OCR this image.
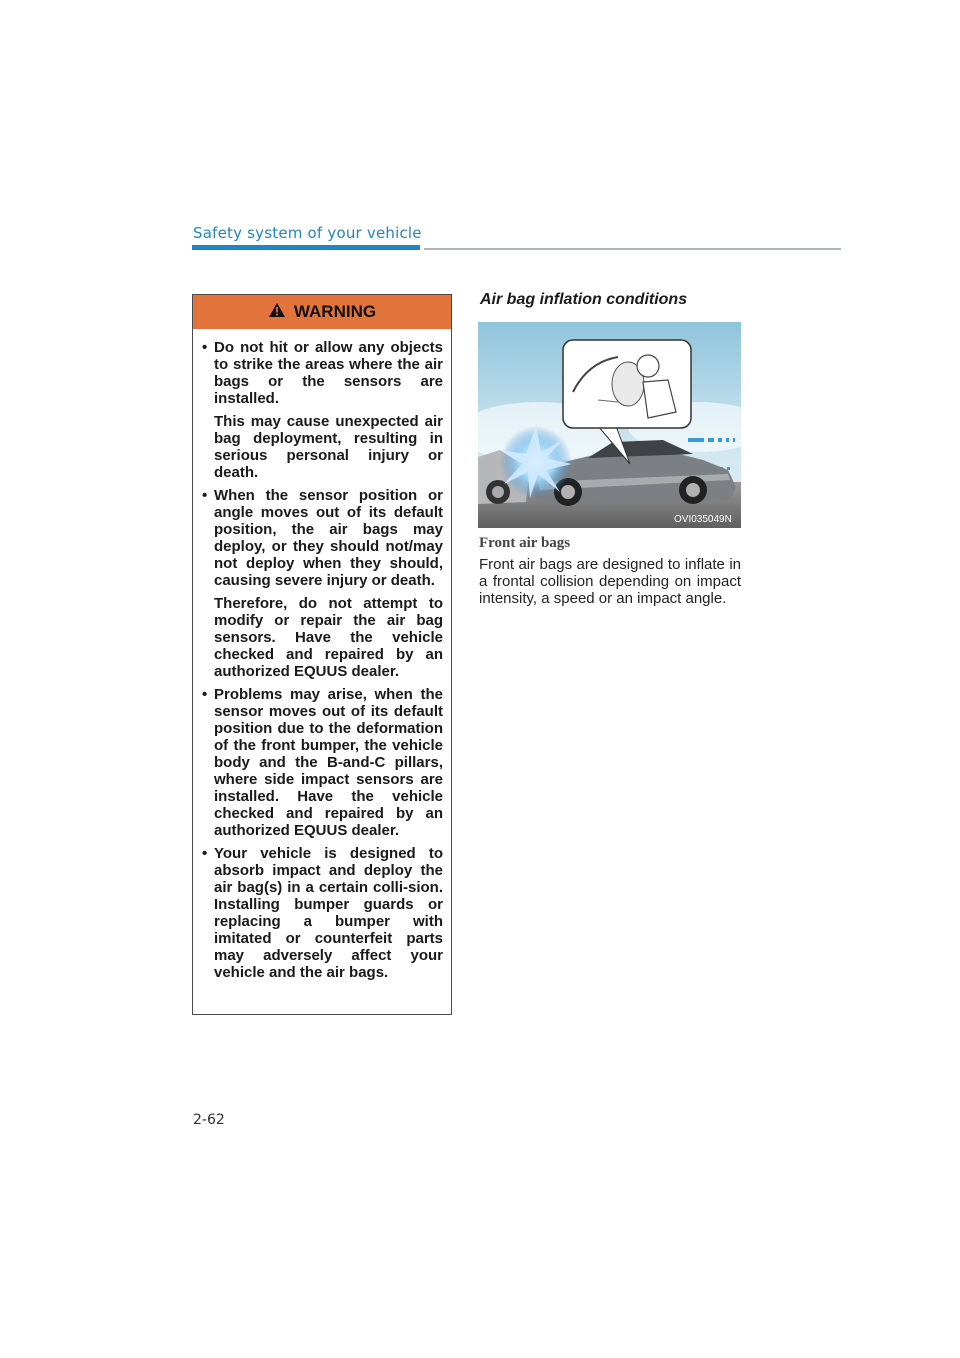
Safety system of your vehicle
WARNING
• Do not hit or allow any objects to strike the areas where the air bags or the sensors are installed.

This may cause unexpected air bag deployment, resulting in serious personal injury or death.

• When the sensor position or angle moves out of its default position, the air bags may deploy, or they should not/may not deploy when they should, causing severe injury or death.

Therefore, do not attempt to modify or repair the air bag sensors. Have the vehicle checked and repaired by an authorized EQUUS dealer.

• Problems may arise, when the sensor moves out of its default position due to the deformation of the front bumper, the vehicle body and the B-and-C pillars, where side impact sensors are installed. Have the vehicle checked and repaired by an authorized EQUUS dealer.

• Your vehicle is designed to absorb impact and deploy the air bag(s) in a certain colli-sion. Installing bumper guards or replacing a bumper with imitated or counterfeit parts may adversely affect your vehicle and the air bags.

Air bag inflation conditions
OVI035049N
Front air bags

Front air bags are designed to inflate in a frontal collision depending on impact intensity, a speed or an impact angle.

2-62
